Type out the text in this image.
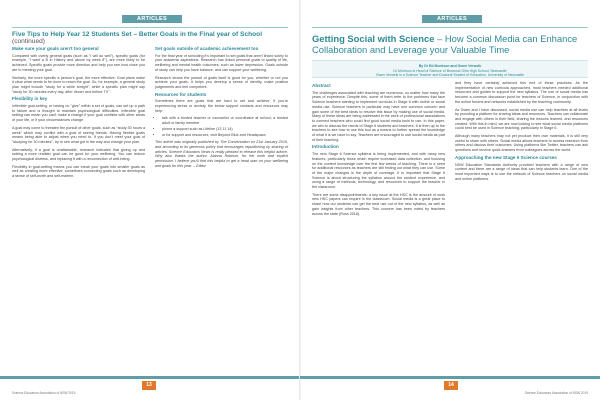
ARTICLES
Five Tips to Help Year 12 Students Set – Better Goals in the Final year of School (continued)
Make sure your goals aren't too general

Compared with overly general goals (such as "I will do well"), specific goals (for example, "I want a B in History and above by week 8"), are more likely to be achieved. Specific goals provide more direction and help you see how close you are to meeting your goal.

Similarly, the more specific a person's goal, the more effective. Goal plans make it clear what needs to be done to reach the goal. So, for example, a general study plan might include "study for a while tonight", while a specific plan might say "study for 30 minutes every day, after dinner and before TV".

Flexibility is key

Inflexible goal-setting, or having no "give" within a set of goals, can set up a path to failure and is thought to maintain psychological difficulties. Inflexible goal setting can mean you can't make a change if your goal conflicts with other areas of your life, or if your circumstances change.

A goal may come to threaten the pursuit of other goals, such as "study 30 hours a week" which may conflict with a goal of seeing friends. Having flexible goals means being able to adjust when you need to. If you don't meet your goal of "studying for 30 minutes", try to see what got in the way and change your plan.

Alternatively, if a goal is unattainable, research indicates that giving up and setting a more realistic goal can be good for your wellbeing. You can reduce psychological distress, and replacing it with a reconnection of well-being.

Flexibility in goal-setting means you can break your goals into smaller goals as well as creating more effective, sometimes connecting goals such as developing a sense of self-worth and self-esteem.

Set goals outside of academic achievement too

For the final year of schooling it's important to set goals that aren't linked solely to your academic aspirations. Research has linked personal goals to quality of life, wellbeing and mental health outcomes, such as lower depression. Goals outside of study can help you have balance, and can support your wellbeing.

Research shows the pursuit of goals itself is good for you, whether or not you achieve your goals. It helps you develop a sense of identity, make positive judgements and feel competent.

Resources for students

Sometimes there are goals that are hard to set and achieve. If you're experiencing stress or anxiety, the below support contacts and resources may help:

• talk with a trusted teacher or counsellor or coordinator at school; a trusted adult or family member
• phone a support such as Lifeline (13 11 14)
• or for support and resources, visit Beyond Blue and Headspace.

This article was originally published by The Conversation on 21st January 2019, and according to its generous policy that encourages republishing by sharing of articles. Science Educators News is really pleased to release this helpful advice. Why also thanks the author, Alanna Robison, for her work and explicit permission. I believe you'll find this helpful to get a head start on your wellbeing and goals for this year. – Editor

13
Science Educators Association of NSW 2019
ARTICLES
Getting Social with Science – How Social Media can Enhance Collaboration and Leverage your Valuable Time
By Dr Ed Morrison and Gwen Verweik
Dr Morrison is Head of Science of Burwood Girls High School, Newcastle
Gwen Verweik is a Science Teacher and Doctoral Student of Education, University of Newcastle
Abstract

The challenges associated with teaching are numerous, no matter how many the years of experience. Despite this, some of them refer to the problems that face Science teachers wanting to implement curricula in Stage 6 with online or social media use. Science teachers in particular may have one common concern and gain some of the best ideas to resolve this issue by making use of social media. Many of these ideas are being addressed in the work of professional associations to connect teachers who could find good social media tools to use. In this paper, we aim to discuss the needs of Stage 6 students and teachers. It is then up to the teachers to see how to use this tool as a means to further spread the knowledge of what it is we have to say. Teachers are encouraged to use social media as part of their teaching.

Introduction

The new Stage 6 Science syllabus is being implemented, and with many new features, particularly those which require increased data collection, and focusing on the content knowledge over the first few weeks of teaching. There is a need for additional resources as teachers are still finding out what they can use. Some of the major changes is the depth of coverage. It is important that Stage 6 Science is about structuring the syllabus around the student experience, and using a range of methods, technology, and resources to support the teacher in the classroom.

There are some disappointments: a key issue at the HSC is the amount of work new HSC papers can require in the classroom. Social media is a great place to share how our students can get the best use out of the new syllabus, as well as gain insights from other teachers. This concern has been noted by teachers across the state (Ross 2018).

and they have certainly achieved this end of these practices. As the implementation of new curricula approached, most teachers needed additional resources and guides to support the new syllabus. The use of social media has become a common discussion point for teachers of Science, in conjunction with the online forums and networks established by the teaching community.

As Gwen and I have discussed, social media use can help teachers at all levels by providing a platform for sharing ideas and resources. Teachers can collaborate and engage with others in their field, sharing the lessons learned, and resources created. With this in mind, we are now looking to see what social media platforms could best be used in Science teaching, particularly in Stage 6.

Although many teachers may not yet produce their own materials, it is still very useful to share with others. Social media allows teachers to access research from others and discuss their outcomes. Using platforms like Twitter, teachers can ask questions and receive quick answers from colleagues across the world.

Approaching the new Stage 6 Science courses

NSW Education Standards Authority provided teachers with a range of new content and there are a range of ideas that can help students learn. One of the most important ways is to use the network of Science teachers on social media and online platforms.

14
Science Educators Association of NSW 2019
